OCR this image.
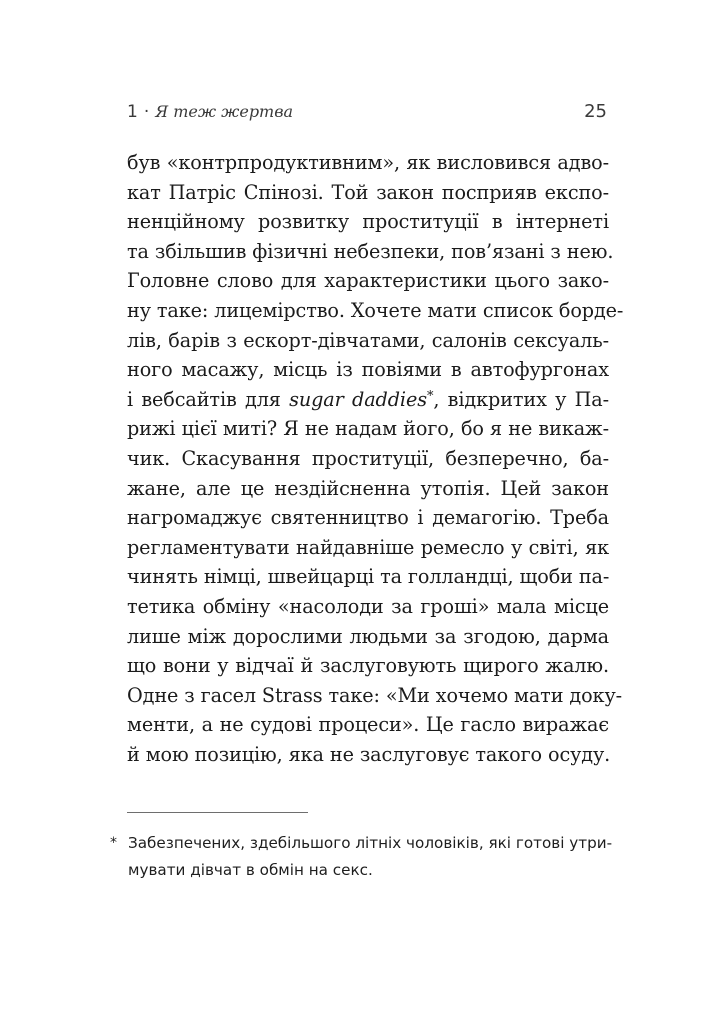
1 · Я теж жертва	25
був «контрпродуктивним», як висловився адво-
кат Патріс Спінозі. Той закон посприяв експо-
ненційному розвитку проституції в інтернеті
та збільшив фізичні небезпеки, пов’язані з нею.
Головне слово для характеристики цього зако-
ну таке: лицемірство. Хочете мати список борде-
лів, барів з ескорт-дівчатами, салонів сексуаль-
ного масажу, місць із повіями в автофургонах
і вебсайтів для sugar daddies*, відкритих у Па-
рижі цієї миті? Я не надам його, бо я не викаж-
чик. Скасування проституції, безперечно, ба-
жане, але це нездійсненна утопія. Цей закон
нагромаджує святенництво і демагогію. Треба
регламентувати найдавніше ремесло у світі, як
чинять німці, швейцарці та голландці, щоби па-
тетика обміну «насолоди за гроші» мала місце
лише між дорослими людьми за згодою, дарма
що вони у відчаї й заслуговують щирого жалю.
Одне з гасел Strass таке: «Ми хочемо мати доку-
менти, а не судові процеси». Це гасло виражає
й мою позицію, яка не заслуговує такого осуду.
* Забезпечених, здебільшого літніх чоловіків, які готові утри-
мувати дівчат в обмін на секс.
